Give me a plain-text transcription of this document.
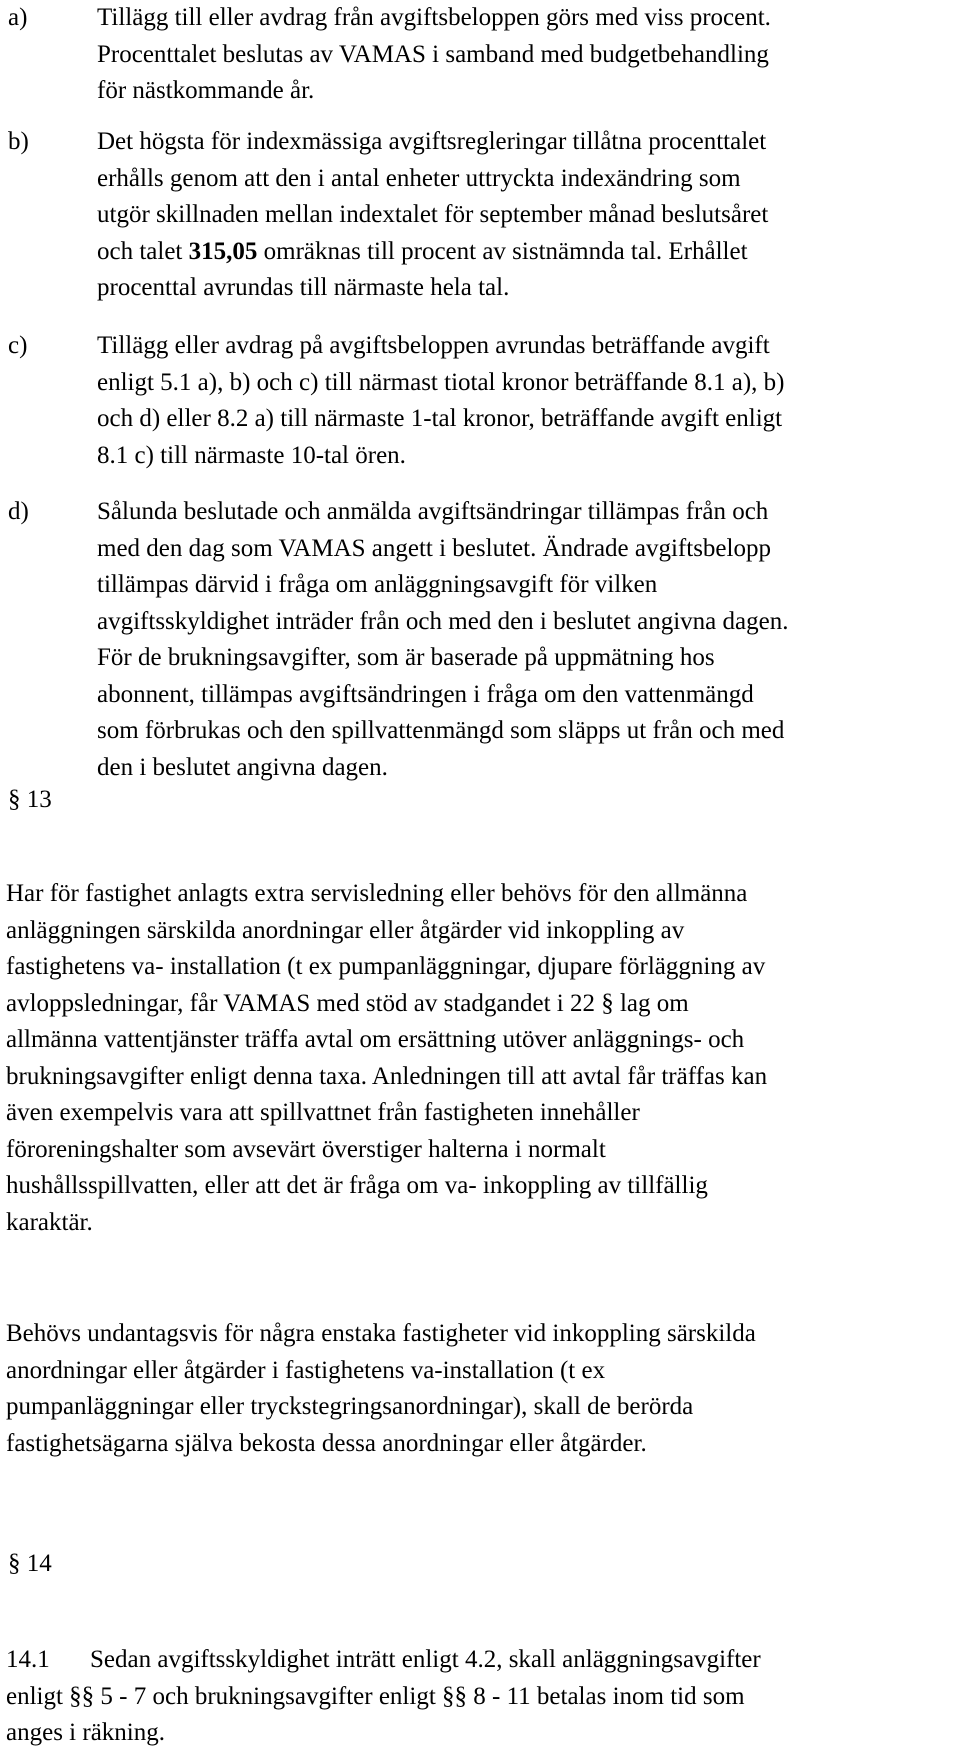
a)	Tillägg till eller avdrag från avgiftsbeloppen görs med viss procent.
Procenttalet beslutas av VAMAS i samband med budgetbehandling
för nästkommande år.
b)	Det högsta för indexmässiga avgiftsregleringar tillåtna procenttalet
erhålls genom att den i antal enheter uttryckta indexändring som
utgör skillnaden mellan indextalet för september månad beslutsåret
och talet 315,05 omräknas till procent av sistnämnda tal. Erhållet
procenttal avrundas till närmaste hela tal.
c)	Tillägg eller avdrag på avgiftsbeloppen avrundas beträffande avgift
enligt 5.1 a), b) och c) till närmast tiotal kronor beträffande 8.1 a), b)
och d) eller 8.2 a) till närmaste 1-tal kronor, beträffande avgift enligt
8.1 c) till närmaste 10-tal ören.
d)	Sålunda beslutade och anmälda avgiftsändringar tillämpas från och
med den dag som VAMAS angett i beslutet. Ändrade avgiftsbelopp
tillämpas därvid i fråga om anläggningsavgift för vilken
avgiftsskyldighet inträder från och med den i beslutet angivna dagen.
För de brukningsavgifter, som är baserade på uppmätning hos
abonnent, tillämpas avgiftsändringen i fråga om den vattenmängd
som förbrukas och den spillvattenmängd som släpps ut från och med
den i beslutet angivna dagen.
§ 13
Har för fastighet anlagts extra servisledning eller behövs för den allmänna
anläggningen särskilda anordningar eller åtgärder vid inkoppling av
fastighetens va- installation (t ex pumpanläggningar, djupare förläggning av
avloppsledningar, får VAMAS med stöd av stadgandet i 22 § lag om
allmänna vattentjänster träffa avtal om ersättning utöver anläggnings- och
brukningsavgifter enligt denna taxa. Anledningen till att avtal får träffas kan
även exempelvis vara att spillvattnet från fastigheten innehåller
föroreningshalter som avsevärt överstiger halterna i normalt
hushållsspillvatten, eller att det är fråga om va- inkoppling av tillfällig
karaktär.
Behövs undantagsvis för några enstaka fastigheter vid inkoppling särskilda
anordningar eller åtgärder i fastighetens va-installation (t ex
pumpanläggningar eller tryckstegringsanordningar), skall de berörda
fastighetsägarna själva bekosta dessa anordningar eller åtgärder.
§ 14
14.1 Sedan avgiftsskyldighet inträtt enligt 4.2, skall anläggningsavgifter
enligt §§ 5 - 7 och brukningsavgifter enligt §§ 8 - 11 betalas inom tid som
anges i räkning.
